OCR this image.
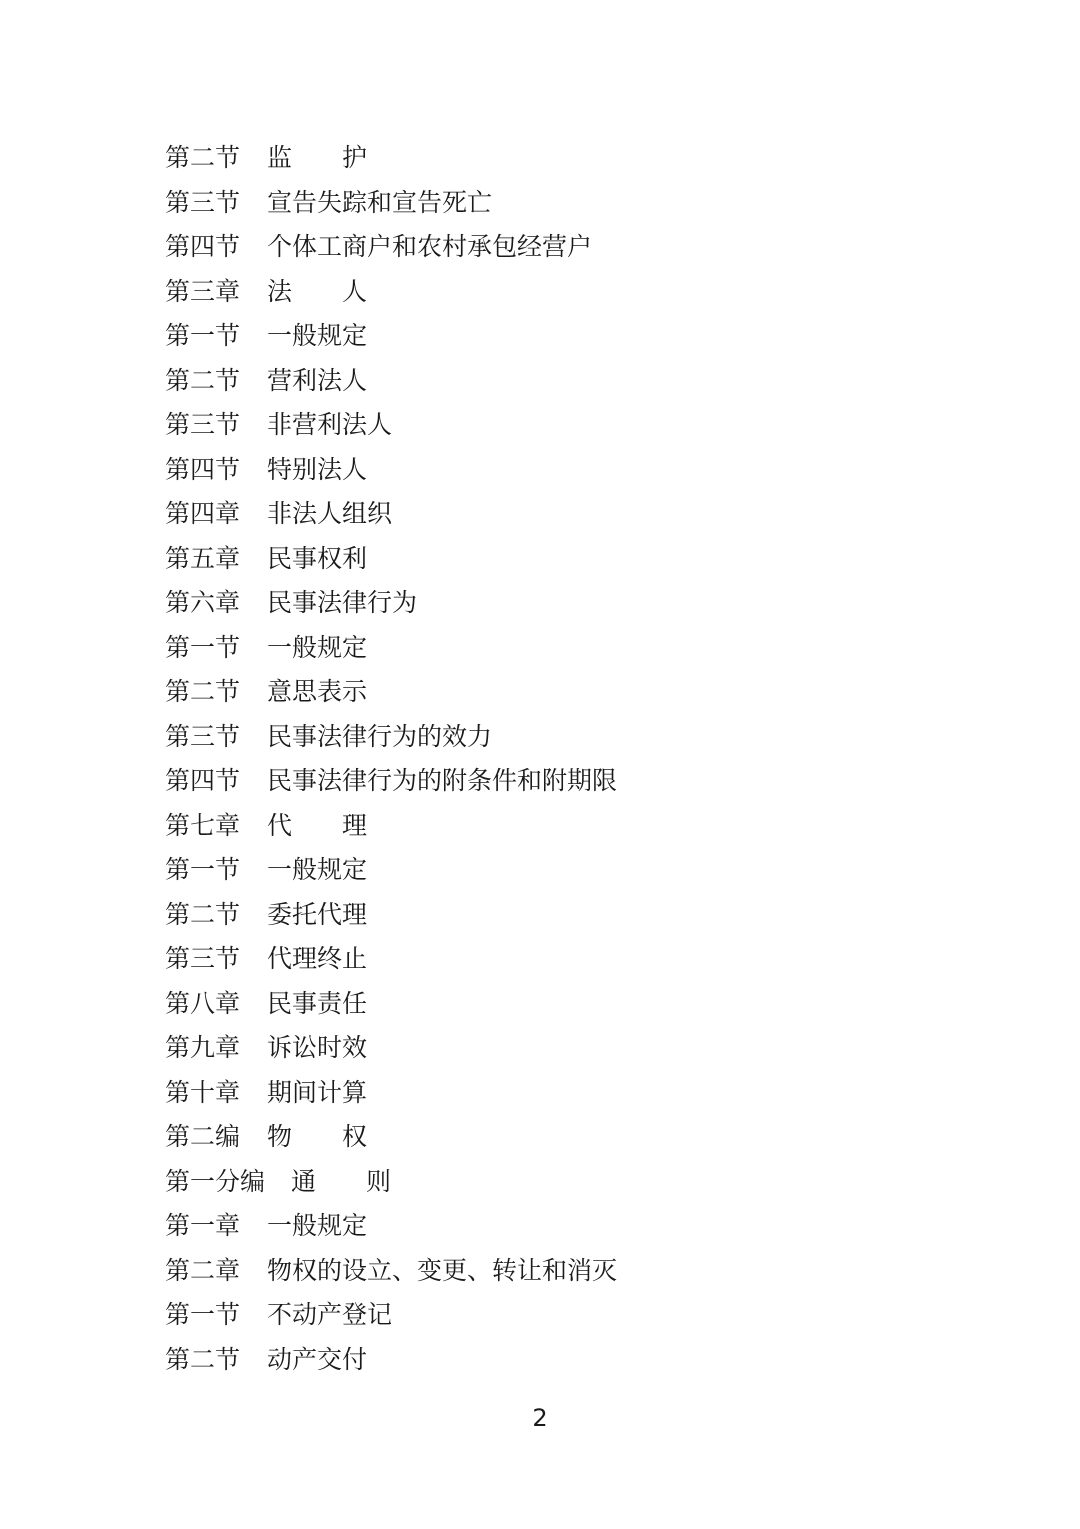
第二节	监　　护
第三节	宣告失踪和宣告死亡
第四节	个体工商户和农村承包经营户
第三章	法　　人
第一节	一般规定
第二节	营利法人
第三节	非营利法人
第四节	特别法人
第四章	非法人组织
第五章	民事权利
第六章	民事法律行为
第一节	一般规定
第二节	意思表示
第三节	民事法律行为的效力
第四节	民事法律行为的附条件和附期限
第七章	代　　理
第一节	一般规定
第二节	委托代理
第三节	代理终止
第八章	民事责任
第九章	诉讼时效
第十章	期间计算
第二编	物　　权
第一分编	通　　则
第一章	一般规定
第二章	物权的设立、变更、转让和消灭
第一节	不动产登记
第二节	动产交付
2
